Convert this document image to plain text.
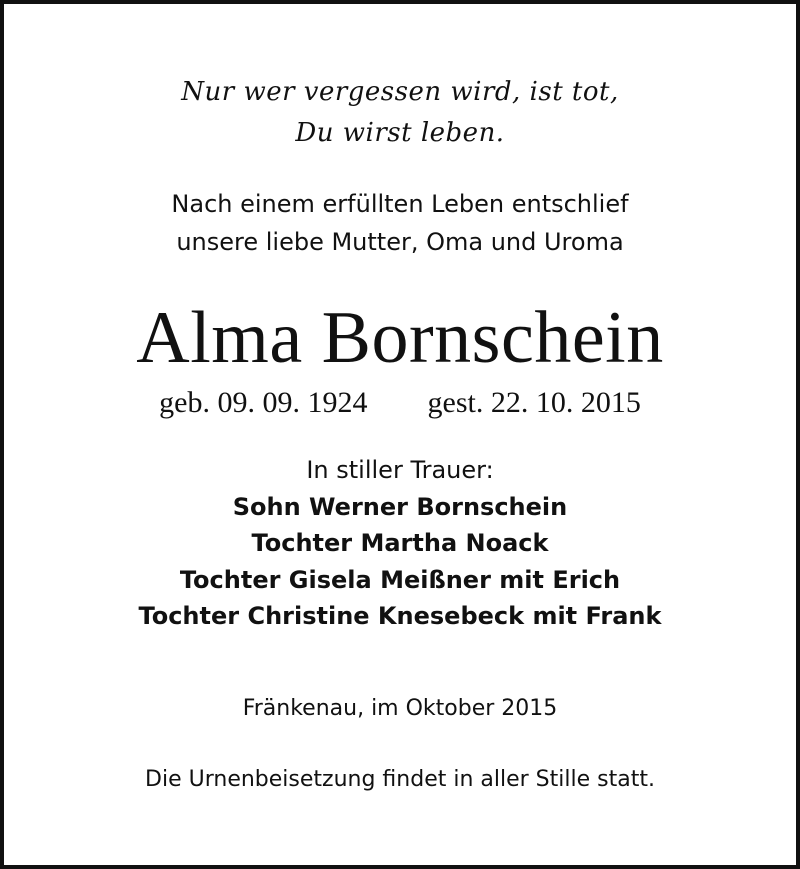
Nur wer vergessen wird, ist tot,
Du wirst leben.
Nach einem erfüllten Leben entschlief
unsere liebe Mutter, Oma und Uroma
Alma Bornschein
geb. 09. 09. 1924 gest. 22. 10. 2015
In stiller Trauer:
Sohn Werner Bornschein
Tochter Martha Noack
Tochter Gisela Meißner mit Erich
Tochter Christine Knesebeck mit Frank
Fränkenau, im Oktober 2015
Die Urnenbeisetzung findet in aller Stille statt.
